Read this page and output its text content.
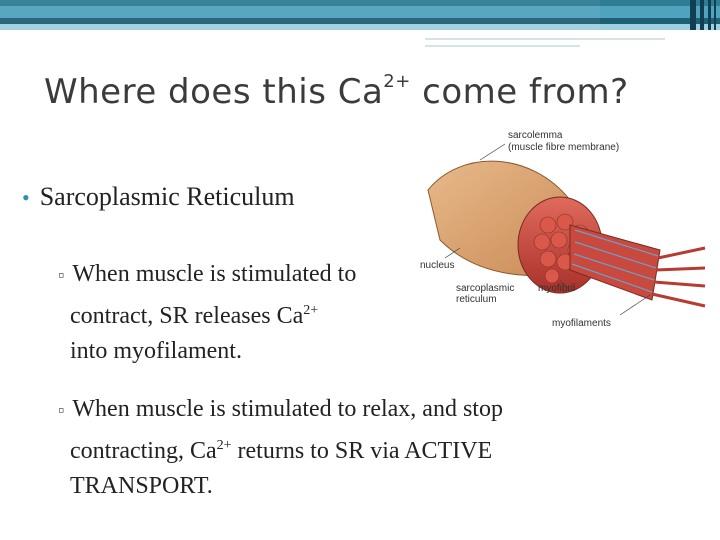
Where does this $Ca^{2+}$ come from?
• Sarcoplasmic Reticulum
▫ When muscle is stimulated to
contract, SR releases $Ca^{2+}$
into myofilament.
▫ When muscle is stimulated to relax, and stop
contracting, $Ca^{2+}$ returns to SR via ACTIVE
TRANSPORT.
sarcolemma
(muscle fibre membrane)
nucleus
sarcoplasmic
reticulum
myofibril
myofilaments
